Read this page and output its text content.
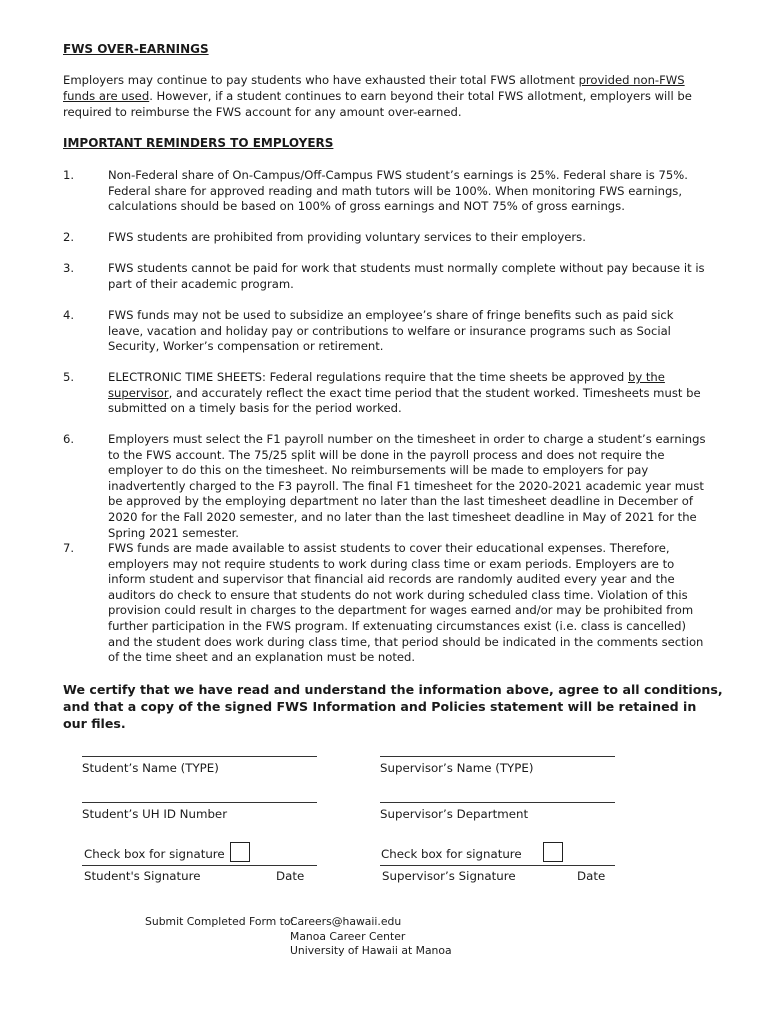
FWS OVER-EARNINGS
Employers may continue to pay students who have exhausted their total FWS allotment provided non-FWS funds are used. However, if a student continues to earn beyond their total FWS allotment, employers will be required to reimburse the FWS account for any amount over-earned.
IMPORTANT REMINDERS TO EMPLOYERS
1.	Non-Federal share of On-Campus/Off-Campus FWS student’s earnings is 25%. Federal share is 75%. Federal share for approved reading and math tutors will be 100%. When monitoring FWS earnings, calculations should be based on 100% of gross earnings and NOT 75% of gross earnings.
2.	FWS students are prohibited from providing voluntary services to their employers.
3.	FWS students cannot be paid for work that students must normally complete without pay because it is part of their academic program.
4.	FWS funds may not be used to subsidize an employee’s share of fringe benefits such as paid sick leave, vacation and holiday pay or contributions to welfare or insurance programs such as Social Security, Worker’s compensation or retirement.
5.	ELECTRONIC TIME SHEETS: Federal regulations require that the time sheets be approved by the supervisor, and accurately reflect the exact time period that the student worked. Timesheets must be submitted on a timely basis for the period worked.
6.	Employers must select the F1 payroll number on the timesheet in order to charge a student’s earnings to the FWS account. The 75/25 split will be done in the payroll process and does not require the employer to do this on the timesheet. No reimbursements will be made to employers for pay inadvertently charged to the F3 payroll. The final F1 timesheet for the 2020-2021 academic year must be approved by the employing department no later than the last timesheet deadline in December of 2020 for the Fall 2020 semester, and no later than the last timesheet deadline in May of 2021 for the Spring 2021 semester.
7.	FWS funds are made available to assist students to cover their educational expenses. Therefore, employers may not require students to work during class time or exam periods. Employers are to inform student and supervisor that financial aid records are randomly audited every year and the auditors do check to ensure that students do not work during scheduled class time. Violation of this provision could result in charges to the department for wages earned and/or may be prohibited from further participation in the FWS program. If extenuating circumstances exist (i.e. class is cancelled) and the student does work during class time, that period should be indicated in the comments section of the time sheet and an explanation must be noted.
We certify that we have read and understand the information above, agree to all conditions, and that a copy of the signed FWS Information and Policies statement will be retained in our files.
Student’s Name (TYPE)	Supervisor’s Name (TYPE)
Student’s UH ID Number	Supervisor’s Department
Check box for signature
Student's Signature	Date
Check box for signature
Supervisor’s Signature	Date
Submit Completed Form to:
Careers@hawaii.edu
Manoa Career Center
University of Hawaii at Manoa
